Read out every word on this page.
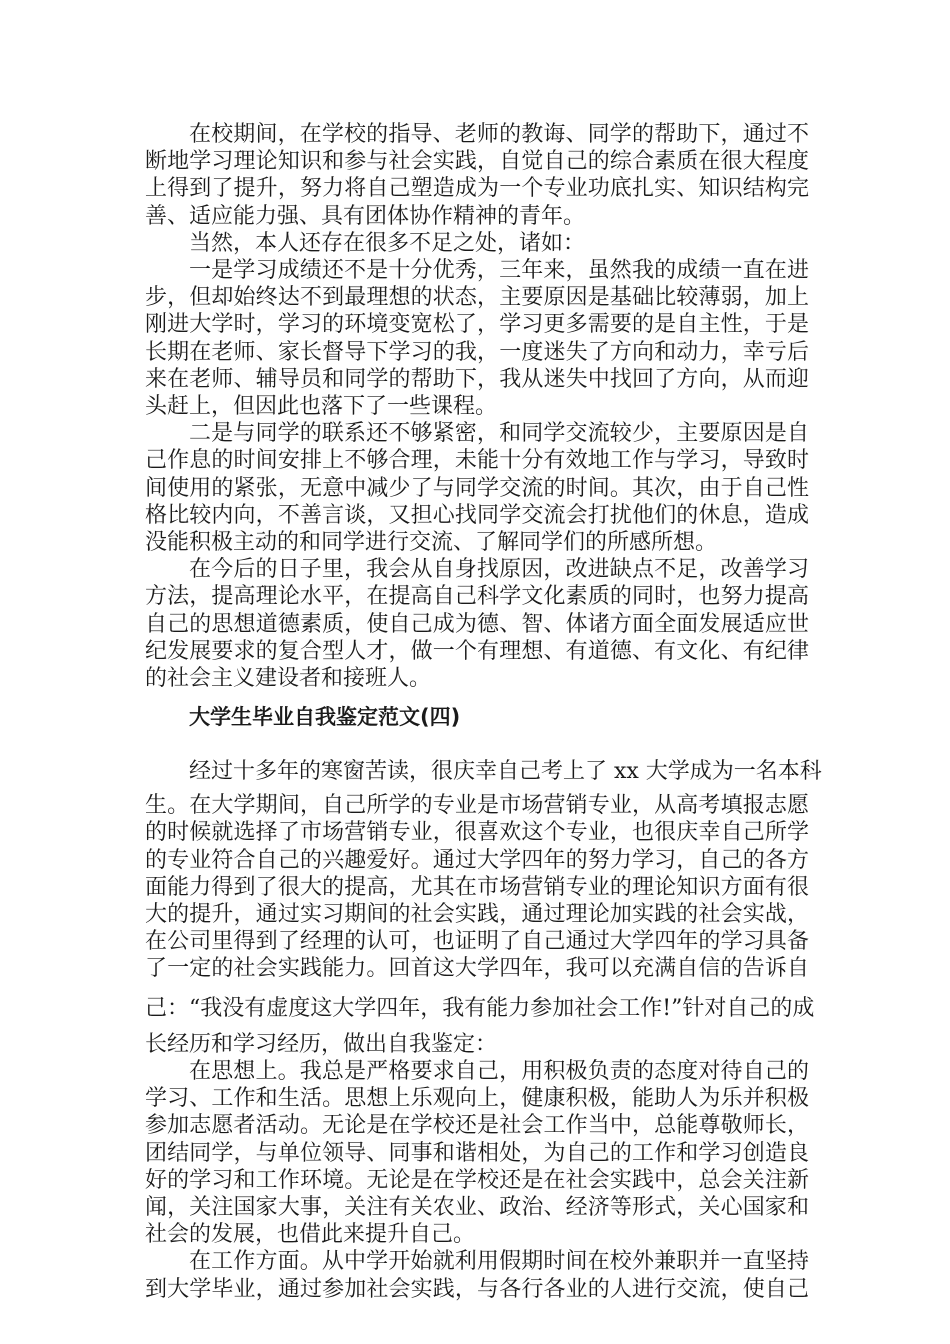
在校期间，在学校的指导、老师的教诲、同学的帮助下，通过不
断地学习理论知识和参与社会实践，自觉自己的综合素质在很大程度
上得到了提升，努力将自己塑造成为一个专业功底扎实、知识结构完
善、适应能力强、具有团体协作精神的青年。
当然，本人还存在很多不足之处，诸如：
一是学习成绩还不是十分优秀，三年来，虽然我的成绩一直在进
步，但却始终达不到最理想的状态，主要原因是基础比较薄弱，加上
刚进大学时，学习的环境变宽松了，学习更多需要的是自主性，于是
长期在老师、家长督导下学习的我，一度迷失了方向和动力，幸亏后
来在老师、辅导员和同学的帮助下，我从迷失中找回了方向，从而迎
头赶上，但因此也落下了一些课程。
二是与同学的联系还不够紧密，和同学交流较少，主要原因是自
己作息的时间安排上不够合理，未能十分有效地工作与学习，导致时
间使用的紧张，无意中减少了与同学交流的时间。其次，由于自己性
格比较内向，不善言谈，又担心找同学交流会打扰他们的休息，造成
没能积极主动的和同学进行交流、了解同学们的所感所想。
在今后的日子里，我会从自身找原因，改进缺点不足，改善学习
方法，提高理论水平，在提高自己科学文化素质的同时，也努力提高
自己的思想道德素质，使自己成为德、智、体诸方面全面发展适应世
纪发展要求的复合型人才，做一个有理想、有道德、有文化、有纪律
的社会主义建设者和接班人。
大学生毕业自我鉴定范文(四)
经过十多年的寒窗苦读，很庆幸自己考上了 xx 大学成为一名本科
生。在大学期间，自己所学的专业是市场营销专业，从高考填报志愿
的时候就选择了市场营销专业，很喜欢这个专业，也很庆幸自己所学
的专业符合自己的兴趣爱好。通过大学四年的努力学习，自己的各方
面能力得到了很大的提高，尤其在市场营销专业的理论知识方面有很
大的提升，通过实习期间的社会实践，通过理论加实践的社会实战，
在公司里得到了经理的认可，也证明了自己通过大学四年的学习具备
了一定的社会实践能力。回首这大学四年，我可以充满自信的告诉自
己：“我没有虚度这大学四年，我有能力参加社会工作!”针对自己的成
长经历和学习经历，做出自我鉴定：
在思想上。我总是严格要求自己，用积极负责的态度对待自己的
学习、工作和生活。思想上乐观向上，健康积极，能助人为乐并积极
参加志愿者活动。无论是在学校还是社会工作当中，总能尊敬师长，
团结同学，与单位领导、同事和谐相处，为自己的工作和学习创造良
好的学习和工作环境。无论是在学校还是在社会实践中，总会关注新
闻，关注国家大事，关注有关农业、政治、经济等形式，关心国家和
社会的发展，也借此来提升自己。
在工作方面。从中学开始就利用假期时间在校外兼职并一直坚持
到大学毕业，通过参加社会实践，与各行各业的人进行交流，使自己
